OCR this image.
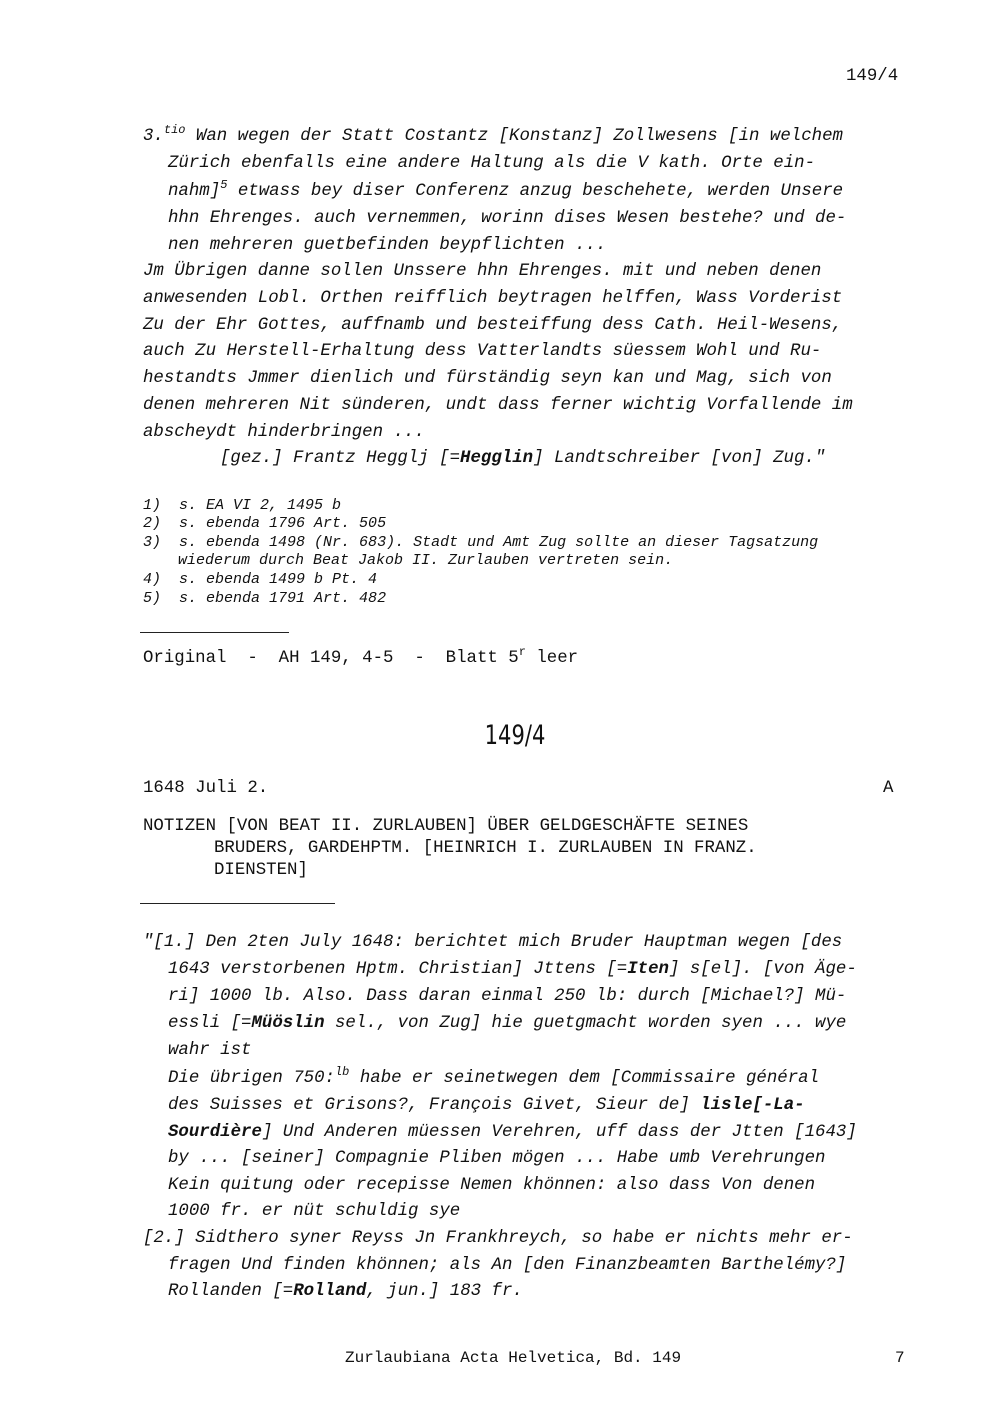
149/4
3.$^{tio}$ Wan wegen der Statt Costantz [Konstanz] Zollwesens [in welchem
Zürich ebenfalls eine andere Haltung als die V kath. Orte ein-
nahm]$^5$ etwass bey diser Conferenz anzug beschehete, werden Unsere
hhn Ehrenges. auch vernemmen, worinn dises Wesen bestehe? und de-
nen mehreren guetbefinden beypflichten ...
Jm Übrigen danne sollen Unssere hhn Ehrenges. mit und neben denen
anwesenden Lobl. Orthen reifflich beytragen helffen, Wass Vorderist
Zu der Ehr Gottes, auffnamb und besteiffung dess Cath. Heil-Wesens,
auch Zu Herstell-Erhaltung dess Vatterlandts süessem Wohl und Ru-
hestandts Jmmer dienlich und fürständig seyn kan und Mag, sich von
denen mehreren Nit sünderen, undt dass ferner wichtig Vorfallende im
abscheydt hinderbringen ...
[gez.] Frantz Hegglj [=Hegglin] Landtschreiber [von] Zug."
1) s. EA VI 2, 1495 b
2) s. ebenda 1796 Art. 505
3) s. ebenda 1498 (Nr. 683). Stadt und Amt Zug sollte an dieser Tagsatzung
wiederum durch Beat Jakob II. Zurlauben vertreten sein.
4) s. ebenda 1499 b Pt. 4
5) s. ebenda 1791 Art. 482
Original  -  AH 149, 4-5  -  Blatt 5$^r$ leer
149/4
1648 Juli 2.	A
NOTIZEN [VON BEAT II. ZURLAUBEN] ÜBER GELDGESCHÄFTE SEINES
BRUDERS, GARDEHPTM. [HEINRICH I. ZURLAUBEN IN FRANZ.
DIENSTEN]
"[1.] Den 2ten July 1648: berichtet mich Bruder Hauptman wegen [des
1643 verstorbenen Hptm. Christian] Jttens [=Iten] s[el]. [von Äge-
ri] 1000 lb. Also. Dass daran einmal 250 lb: durch [Michael?] Mü-
essli [=Müöslin sel., von Zug] hie guetgmacht worden syen ... wye
wahr ist
Die übrigen 750:$^{lb}$ habe er seinetwegen dem [Commissaire général
des Suisses et Grisons?, François Givet, Sieur de] lisle[-La-
Sourdière] Und Anderen müessen Verehren, uff dass der Jtten [1643]
by ... [seiner] Compagnie Pliben mögen ... Habe umb Verehrungen
Kein quitung oder recepisse Nemen khönnen: also dass Von denen
1000 fr. er nüt schuldig sye
[2.] Sidthero syner Reyss Jn Frankhreych, so habe er nichts mehr er-
fragen Und finden khönnen; als An [den Finanzbeamten Barthelémy?]
Rollanden [=Rolland, jun.] 183 fr.
Zurlaubiana Acta Helvetica, Bd. 149	7
